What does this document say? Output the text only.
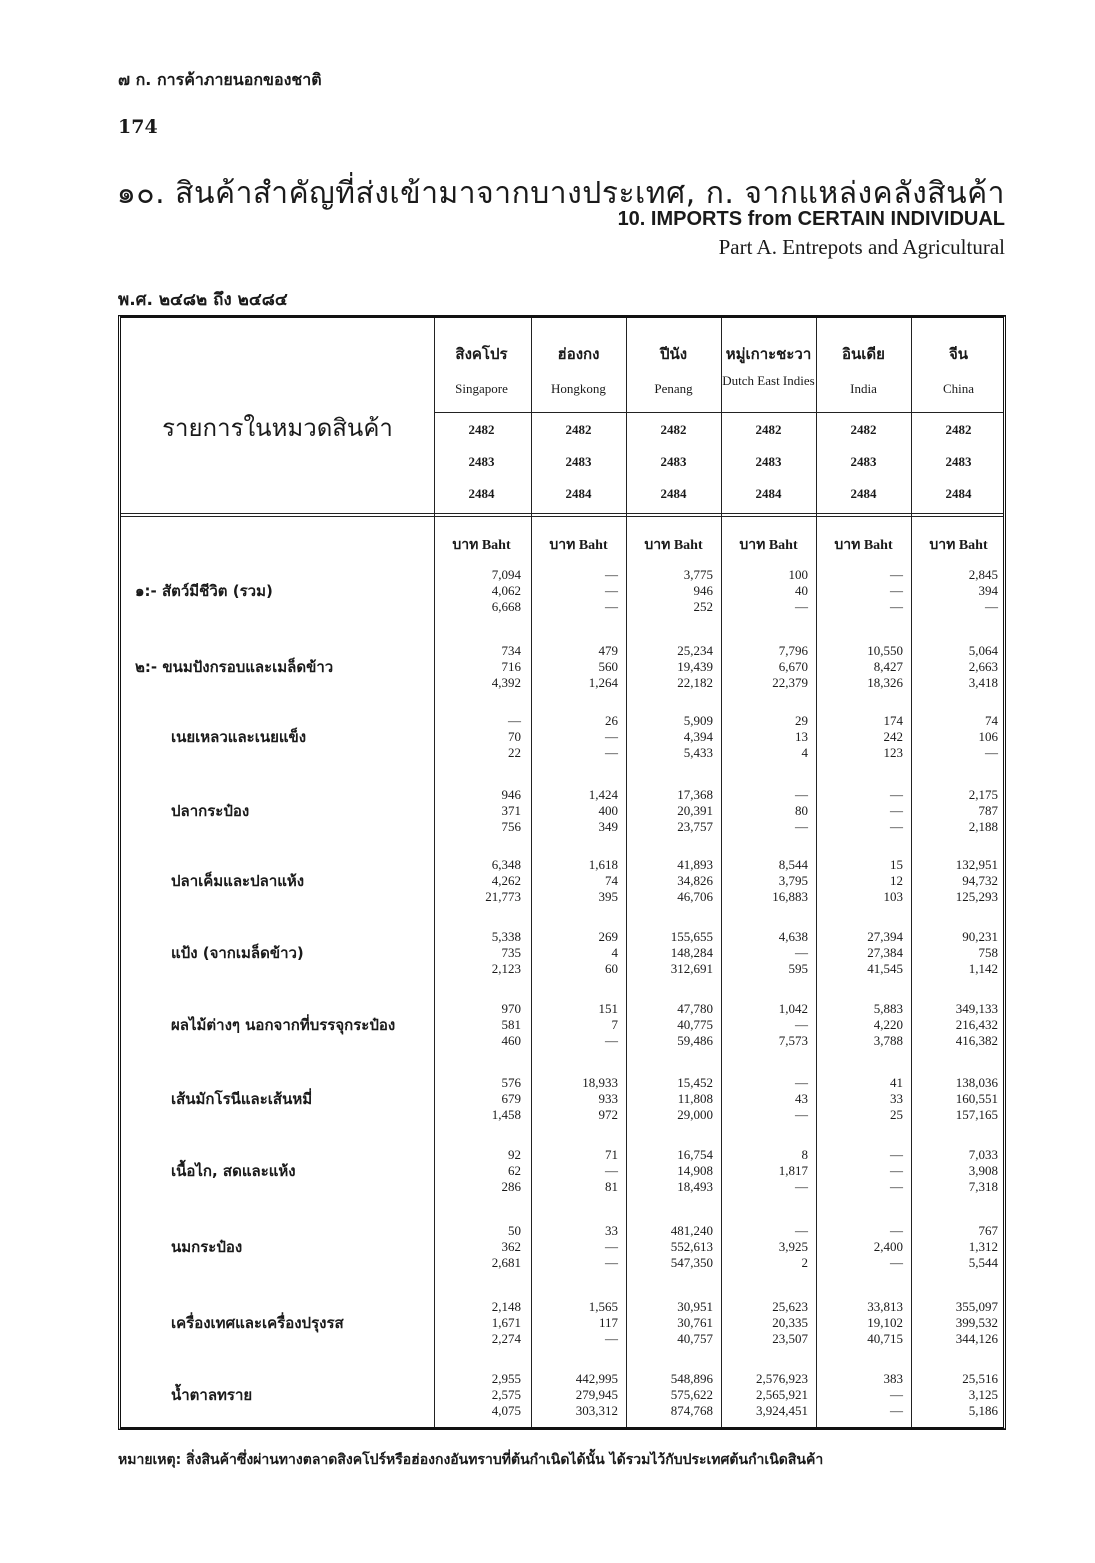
๗ ก. การค้าภายนอกของชาติ
174
๑๐. สินค้าสำคัญที่ส่งเข้ามาจากบางประเทศ, ก. จากแหล่งคลังสินค้า
10. IMPORTS from CERTAIN INDIVIDUAL
Part A. Entrepots and Agricultural
พ.ศ. ๒๔๘๒ ถึง ๒๔๘๔
รายการในหมวดสินค้า
สิงคโปร
Singapore
2482
2483
2484
บาท Baht
7,094
4,062
6,668
734
716
4,392
—
70
22
946
371
756
6,348
4,262
21,773
5,338
735
2,123
970
581
460
576
679
1,458
92
62
286
50
362
2,681
2,148
1,671
2,274
2,955
2,575
4,075
ฮ่องกง
Hongkong
2482
2483
2484
บาท Baht
—
—
—
479
560
1,264
26
—
—
1,424
400
349
1,618
74
395
269
4
60
151
7
—
18,933
933
972
71
—
81
33
—
—
1,565
117
—
442,995
279,945
303,312
ปีนัง
Penang
2482
2483
2484
บาท Baht
3,775
946
252
25,234
19,439
22,182
5,909
4,394
5,433
17,368
20,391
23,757
41,893
34,826
46,706
155,655
148,284
312,691
47,780
40,775
59,486
15,452
11,808
29,000
16,754
14,908
18,493
481,240
552,613
547,350
30,951
30,761
40,757
548,896
575,622
874,768
หมู่เกาะชะวา
Dutch East Indies
2482
2483
2484
บาท Baht
100
40
—
7,796
6,670
22,379
29
13
4
—
80
—
8,544
3,795
16,883
4,638
—
595
1,042
—
7,573
—
43
—
8
1,817
—
—
3,925
2
25,623
20,335
23,507
2,576,923
2,565,921
3,924,451
อินเดีย
India
2482
2483
2484
บาท Baht
—
—
—
10,550
8,427
18,326
174
242
123
—
—
—
15
12
103
27,394
27,384
41,545
5,883
4,220
3,788
41
33
25
—
—
—
—
2,400
—
33,813
19,102
40,715
383
—
—
จีน
China
2482
2483
2484
บาท Baht
2,845
394
—
5,064
2,663
3,418
74
106
—
2,175
787
2,188
132,951
94,732
125,293
90,231
758
1,142
349,133
216,432
416,382
138,036
160,551
157,165
7,033
3,908
7,318
767
1,312
5,544
355,097
399,532
344,126
25,516
3,125
5,186
๑:- สัตว์มีชีวิต (รวม)
๒:- ขนมปังกรอบและเมล็ดข้าว
เนยเหลวและเนยแข็ง
ปลากระป๋อง
ปลาเค็มและปลาแห้ง
แป้ง (จากเมล็ดข้าว)
ผลไม้ต่างๆ นอกจากที่บรรจุกระป๋อง
เส้นมักโรนีและเส้นหมี่
เนื้อไก, สดและแห้ง
นมกระป๋อง
เครื่องเทศและเครื่องปรุงรส
น้ำตาลทราย
หมายเหตุ: สิ่งสินค้าซึ่งผ่านทางตลาดสิงคโปร์หรือฮ่องกงอันทราบที่ต้นกำเนิดได้นั้น ได้รวมไว้กับประเทศต้นกำเนิดสินค้า
